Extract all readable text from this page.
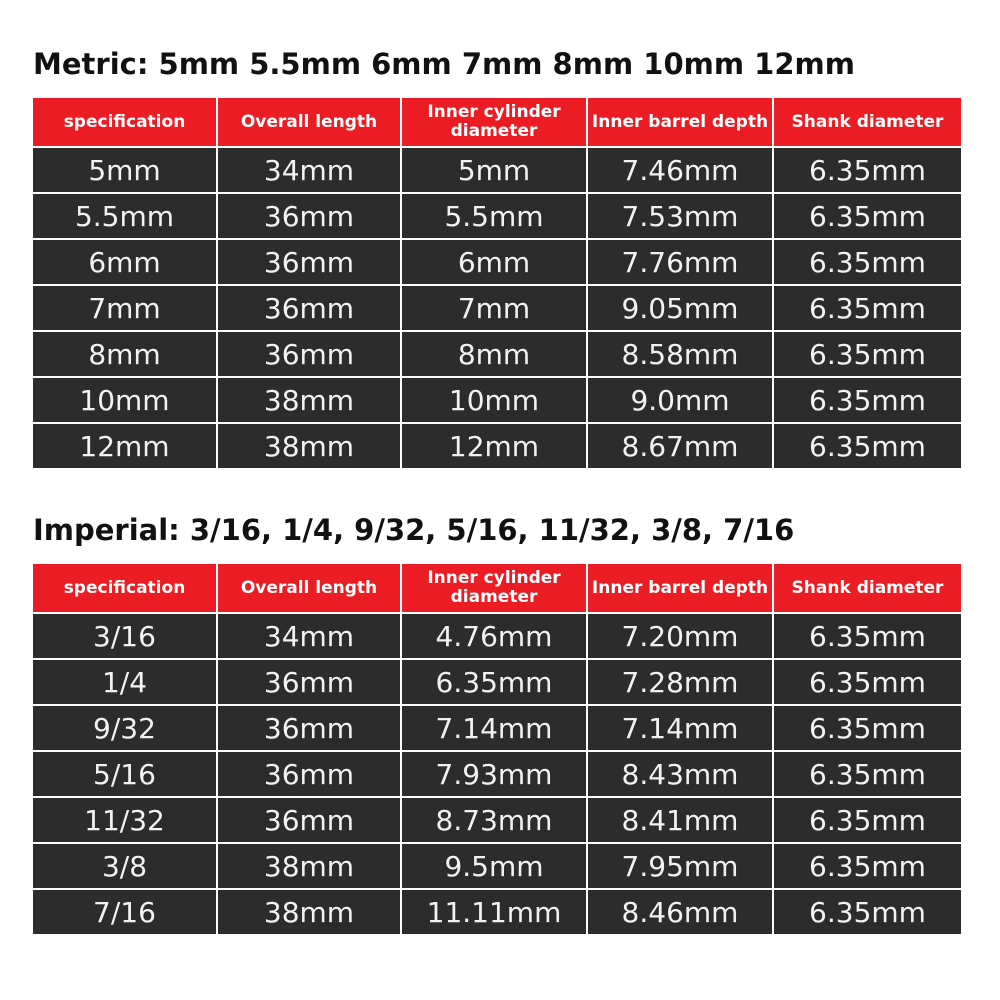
Metric: 5mm 5.5mm 6mm 7mm 8mm 10mm 12mm
specification	Overall length	Inner cylinder diameter	Inner barrel depth	Shank diameter
5mm	34mm	5mm	7.46mm	6.35mm
5.5mm	36mm	5.5mm	7.53mm	6.35mm
6mm	36mm	6mm	7.76mm	6.35mm
7mm	36mm	7mm	9.05mm	6.35mm
8mm	36mm	8mm	8.58mm	6.35mm
10mm	38mm	10mm	9.0mm	6.35mm
12mm	38mm	12mm	8.67mm	6.35mm
Imperial: 3/16, 1/4, 9/32, 5/16, 11/32, 3/8, 7/16
specification	Overall length	Inner cylinder diameter	Inner barrel depth	Shank diameter
3/16	34mm	4.76mm	7.20mm	6.35mm
1/4	36mm	6.35mm	7.28mm	6.35mm
9/32	36mm	7.14mm	7.14mm	6.35mm
5/16	36mm	7.93mm	8.43mm	6.35mm
11/32	36mm	8.73mm	8.41mm	6.35mm
3/8	38mm	9.5mm	7.95mm	6.35mm
7/16	38mm	11.11mm	8.46mm	6.35mm
